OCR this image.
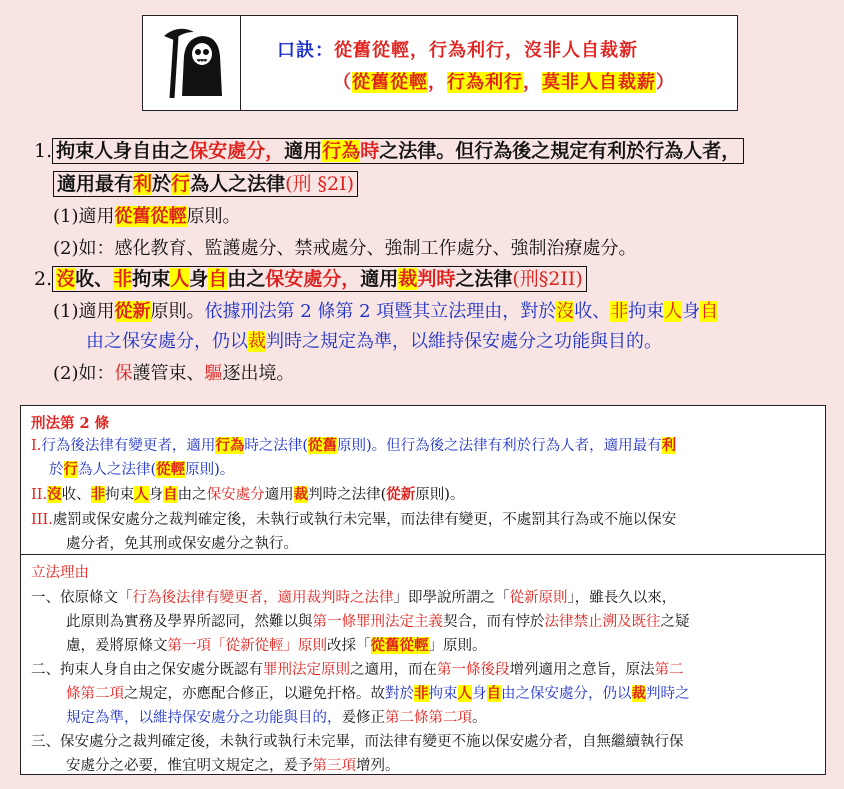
口訣：從舊從輕，行為利行，沒非人自裁新
（從舊從輕，行為利行，莫非人自裁薪）
1. 拘束人身自由之保安處分，適用行為時之法律。但行為後之規定有利於行為人者，
適用最有利於行為人之法律(刑 §2I)
(1)適用從舊從輕原則。
(2)如：感化教育、監護處分、禁戒處分、強制工作處分、強制治療處分。
2. 沒收、非拘束人身自由之保安處分，適用裁判時之法律(刑§2II)
(1)適用從新原則。依據刑法第 2 條第 2 項暨其立法理由，對於沒收、非拘束人身自
由之保安處分，仍以裁判時之規定為準，以維持保安處分之功能與目的。
(2)如：保護管束、驅逐出境。
刑法第 2 條
I.行為後法律有變更者，適用行為時之法律(從舊原則)。但行為後之法律有利於行為人者，適用最有利
於行為人之法律(從輕原則)。
II.沒收、非拘束人身自由之保安處分適用裁判時之法律(從新原則)。
III.處罰或保安處分之裁判確定後，未執行或執行未完畢，而法律有變更，不處罰其行為或不施以保安
處分者，免其刑或保安處分之執行。
立法理由
一、依原條文「行為後法律有變更者，適用裁判時之法律」即學說所謂之「從新原則」，雖長久以來，
此原則為實務及學界所認同，然難以與第一條罪刑法定主義契合，而有悖於法律禁止溯及既往之疑
慮，爰將原條文第一項「從新從輕」原則改採「從舊從輕」原則。
二、拘束人身自由之保安處分既認有罪刑法定原則之適用，而在第一條後段增列適用之意旨，原法第二
條第二項之規定，亦應配合修正，以避免扞格。故對於非拘束人身自由之保安處分，仍以裁判時之
規定為準，以維持保安處分之功能與目的，爰修正第二條第二項。
三、保安處分之裁判確定後，未執行或執行未完畢，而法律有變更不施以保安處分者，自無繼續執行保
安處分之必要，惟宜明文規定之，爰予第三項增列。
